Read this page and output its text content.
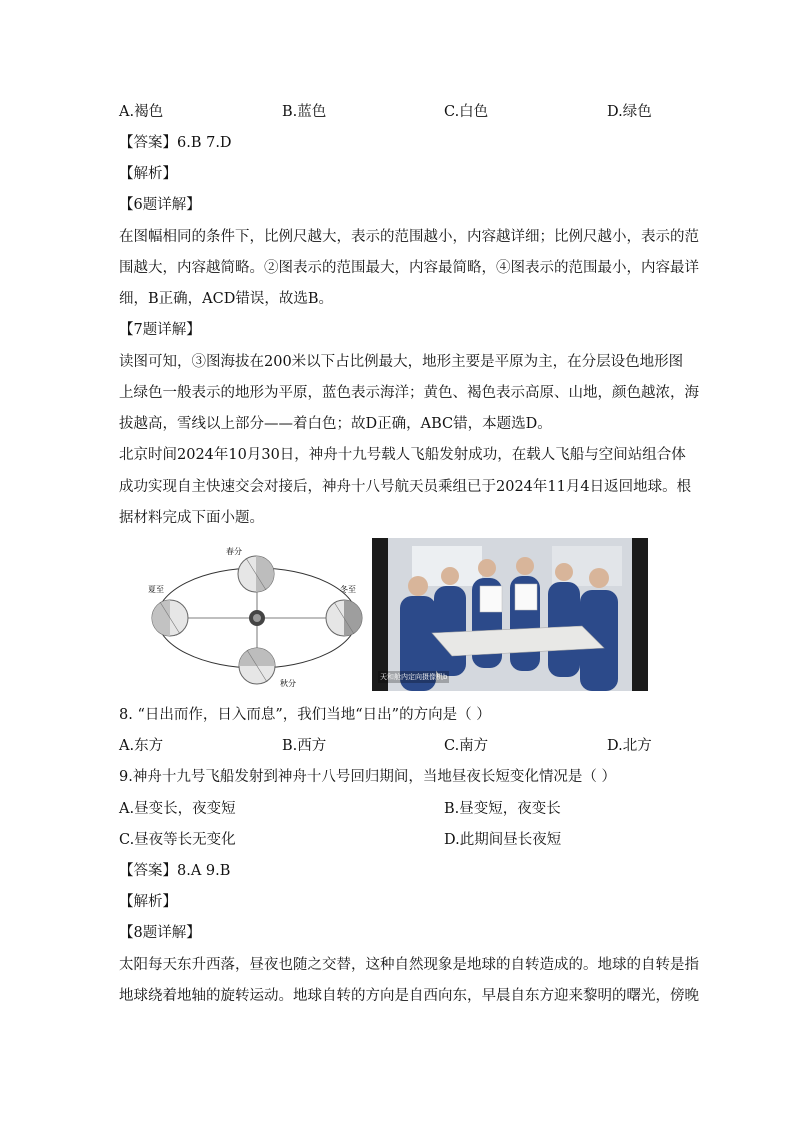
A.褐色	B.蓝色	C.白色	D.绿色
【答案】6.B 7.D
【解析】
【6题详解】
在图幅相同的条件下，比例尺越大，表示的范围越小，内容越详细；比例尺越小，表示的范
围越大，内容越简略。②图表示的范围最大，内容最简略，④图表示的范围最小，内容最详
细，B正确，ACD错误，故选B。
【7题详解】
读图可知，③图海拔在200米以下占比例最大，地形主要是平原为主，在分层设色地形图
上绿色一般表示的地形为平原，蓝色表示海洋；黄色、褐色表示高原、山地，颜色越浓，海
拔越高，雪线以上部分——着白色；故D正确，ABC错，本题选D。
北京时间2024年10月30日，神舟十九号载人飞船发射成功，在载人飞船与空间站组合体
成功实现自主快速交会对接后，神舟十八号航天员乘组已于2024年11月4日返回地球。根
据材料完成下面小题。
春分
夏至	冬至
秋分
天和舱内定向摄像机b
8. “日出而作，日入而息”，我们当地“日出”的方向是（ ）
A.东方	B.西方	C.南方	D.北方
9.神舟十九号飞船发射到神舟十八号回归期间，当地昼夜长短变化情况是（ ）
A.昼变长，夜变短	B.昼变短，夜变长
C.昼夜等长无变化	D.此期间昼长夜短
【答案】8.A 9.B
【解析】
【8题详解】
太阳每天东升西落，昼夜也随之交替，这种自然现象是地球的自转造成的。地球的自转是指
地球绕着地轴的旋转运动。地球自转的方向是自西向东，早晨自东方迎来黎明的曙光，傍晚
